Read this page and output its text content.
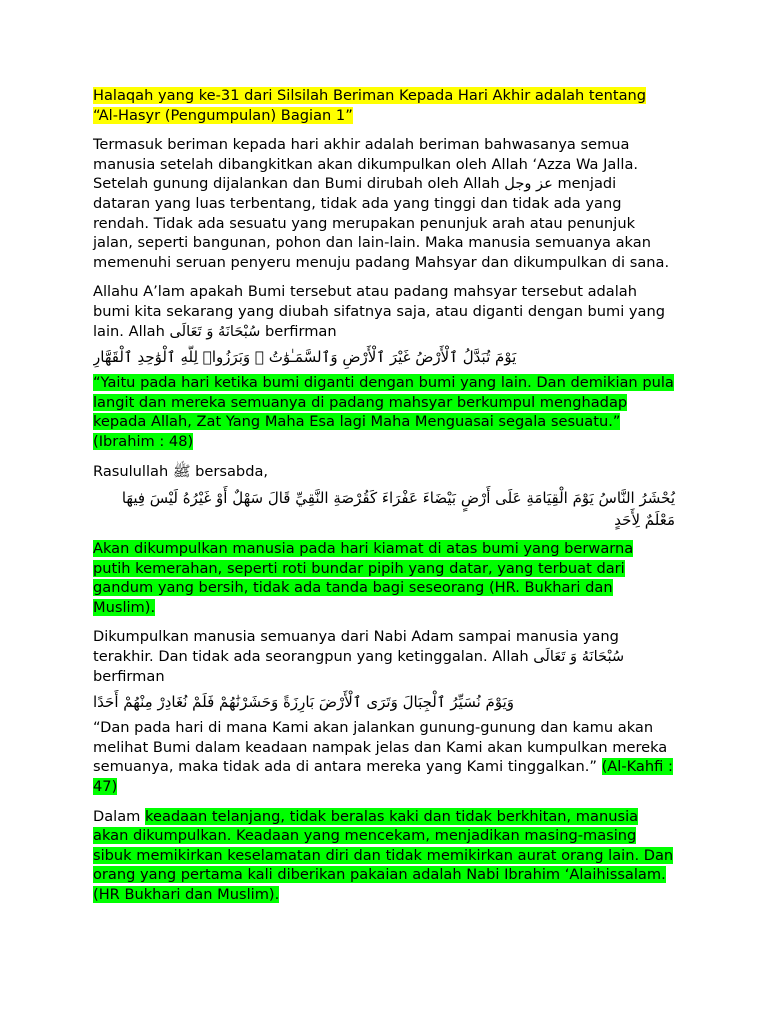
Halaqah yang ke-31 dari Silsilah Beriman Kepada Hari Akhir adalah tentang “Al-Hasyr (Pengumpulan) Bagian 1”

Termasuk beriman kepada hari akhir adalah beriman bahwasanya semua manusia setelah dibangkitkan akan dikumpulkan oleh Allah ‘Azza Wa Jalla. Setelah gunung dijalankan dan Bumi dirubah oleh Allah عز وجل menjadi dataran yang luas terbentang, tidak ada yang tinggi dan tidak ada yang rendah. Tidak ada sesuatu yang merupakan penunjuk arah atau penunjuk jalan, seperti bangunan, pohon dan lain-lain. Maka manusia semuanya akan memenuhi seruan penyeru menuju padang Mahsyar dan dikumpulkan di sana.

Allahu A’lam apakah Bumi tersebut atau padang mahsyar tersebut adalah bumi kita sekarang yang diubah sifatnya saja, atau diganti dengan bumi yang lain. Allah سُبْحَانَهُ وَ تَعَالَى berfirman

يَوْمَ تُبَدَّلُ ٱلْأَرْضُ غَيْرَ ٱلْأَرْضِ وَٱلسَّمَـٰوَٰتُ ۖ وَبَرَزُوا۟ لِلَّهِ ٱلْوَٰحِدِ ٱلْقَهَّارِ

“Yaitu pada hari ketika bumi diganti dengan bumi yang lain. Dan demikian pula langit dan mereka semuanya di padang mahsyar berkumpul menghadap kepada Allah, Zat Yang Maha Esa lagi Maha Menguasai segala sesuatu.” (Ibrahim : 48)

Rasulullah ﷺ bersabda,

يُحْشَرُ النَّاسُ يَوْمَ الْقِيَامَةِ عَلَى أَرْضٍ بَيْضَاءَ عَفْرَاءَ كَقُرْصَةِ النَّقِيِّ قَالَ سَهْلٌ أَوْ غَيْرُهُ لَيْسَ فِيهَا مَعْلَمٌ لِأَحَدٍ

Akan dikumpulkan manusia pada hari kiamat di atas bumi yang berwarna putih kemerahan, seperti roti bundar pipih yang datar, yang terbuat dari gandum yang bersih, tidak ada tanda bagi seseorang (HR. Bukhari dan Muslim).

Dikumpulkan manusia semuanya dari Nabi Adam sampai manusia yang terakhir. Dan tidak ada seorangpun yang ketinggalan. Allah سُبْحَانَهُ وَ تَعَالَى berfirman

وَيَوْمَ نُسَيِّرُ ٱلْجِبَالَ وَتَرَى ٱلْأَرْضَ بَارِزَةً وَحَشَرْنَٰهُمْ فَلَمْ نُغَادِرْ مِنْهُمْ أَحَدًا

“Dan pada hari di mana Kami akan jalankan gunung-gunung dan kamu akan melihat Bumi dalam keadaan nampak jelas dan Kami akan kumpulkan mereka semuanya, maka tidak ada di antara mereka yang Kami tinggalkan.” (Al-Kahfi : 47)

Dalam keadaan telanjang, tidak beralas kaki dan tidak berkhitan, manusia akan dikumpulkan. Keadaan yang mencekam, menjadikan masing-masing sibuk memikirkan keselamatan diri dan tidak memikirkan aurat orang lain. Dan orang yang pertama kali diberikan pakaian adalah Nabi Ibrahim ‘Alaihissalam. (HR Bukhari dan Muslim).
